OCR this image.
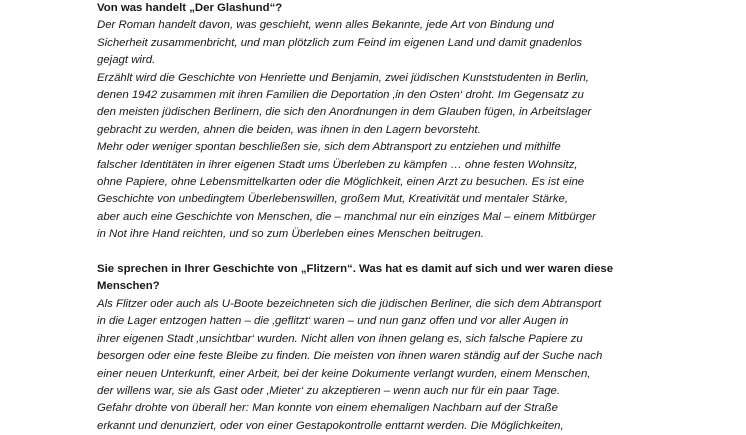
Von was handelt „Der Glashund“?
Der Roman handelt davon, was geschieht, wenn alles Bekannte, jede Art von Bindung und
Sicherheit zusammenbricht, und man plötzlich zum Feind im eigenen Land und damit gnadenlos
gejagt wird.
Erzählt wird die Geschichte von Henriette und Benjamin, zwei jüdischen Kunststudenten in Berlin,
denen 1942 zusammen mit ihren Familien die Deportation ‚in den Osten‘ droht. Im Gegensatz zu
den meisten jüdischen Berlinern, die sich den Anordnungen in dem Glauben fügen, in Arbeitslager
gebracht zu werden, ahnen die beiden, was ihnen in den Lagern bevorsteht.
Mehr oder weniger spontan beschließen sie, sich dem Abtransport zu entziehen und mithilfe
falscher Identitäten in ihrer eigenen Stadt ums Überleben zu kämpfen … ohne festen Wohnsitz,
ohne Papiere, ohne Lebensmittelkarten oder die Möglichkeit, einen Arzt zu besuchen. Es ist eine
Geschichte von unbedingtem Überlebenswillen, großem Mut, Kreativität und mentaler Stärke,
aber auch eine Geschichte von Menschen, die – manchmal nur ein einziges Mal – einem Mitbürger
in Not ihre Hand reichten, und so zum Überleben eines Menschen beitrugen.
Sie sprechen in Ihrer Geschichte von „Flitzern“. Was hat es damit auf sich und wer waren diese
Menschen?
Als Flitzer oder auch als U-Boote bezeichneten sich die jüdischen Berliner, die sich dem Abtransport
in die Lager entzogen hatten – die ‚geflitzt‘ waren – und nun ganz offen und vor aller Augen in
ihrer eigenen Stadt ‚unsichtbar‘ wurden. Nicht allen von ihnen gelang es, sich falsche Papiere zu
besorgen oder eine feste Bleibe zu finden. Die meisten von ihnen waren ständig auf der Suche nach
einer neuen Unterkunft, einer Arbeit, bei der keine Dokumente verlangt wurden, einem Menschen,
der willens war, sie als Gast oder ‚Mieter‘ zu akzeptieren – wenn auch nur für ein paar Tage.
Gefahr drohte von überall her: Man konnte von einem ehemaligen Nachbarn auf der Straße
erkannt und denunziert, oder von einer Gestapokontrolle enttarnt werden. Die Möglichkeiten,
